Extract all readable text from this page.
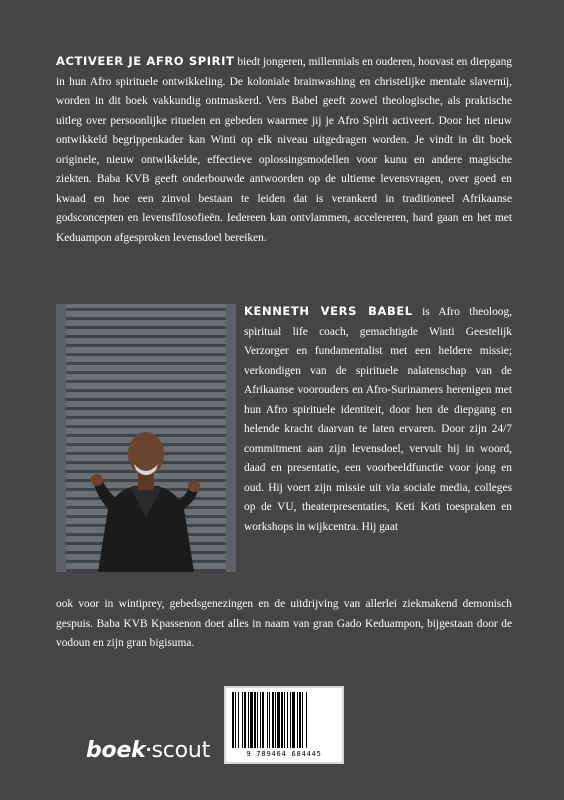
ACTIVEER JE AFRO SPIRIT biedt jongeren, millennials en ouderen, houvast en diepgang in hun Afro spirituele ontwikkeling. De koloniale brainwashing en christelijke mentale slavernij, worden in dit boek vakkundig ontmaskerd. Vers Babel geeft zowel theologische, als praktische uitleg over persoonlijke rituelen en gebeden waarmee jij je Afro Spirit activeert. Door het nieuw ontwikkeld begrippenkader kan Winti op elk niveau uitgedragen worden. Je vindt in dit boek originele, nieuw ontwikkelde, effectieve oplossingsmodellen voor kunu en andere magische ziekten. Baba KVB geeft onderbouwde antwoorden op de ultieme levensvragen, over goed en kwaad en hoe een zinvol bestaan te leiden dat is verankerd in traditioneel Afrikaanse godsconcepten en levensfilosofieën. Iedereen kan ontvlammen, accelereren, hard gaan en het met Keduampon afgesproken levensdoel bereiken.

KENNETH VERS BABEL is Afro theoloog, spiritual life coach, gemachtigde Winti Geestelijk Verzorger en fundamentalist met een heldere missie; verkondigen van de spirituele nalatenschap van de Afrikaanse voorouders en Afro-Surinamers herenigen met hun Afro spirituele identiteit, door hen de diepgang en helende kracht daarvan te laten ervaren. Door zijn 24/7 commitment aan zijn levensdoel, vervult hij in woord, daad en presentatie, een voorbeeldfunctie voor jong en oud. Hij voert zijn missie uit via sociale media, colleges op de VU, theaterpresentaties, Keti Koti toespraken en workshops in wijkcentra. Hij gaat

ook voor in wintiprey, gebedsgenezingen en de uitdrijving van allerlei ziekmakend demonisch gespuis. Baba KVB Kpassenon doet alles in naam van gran Gado Keduampon, bijgestaan door de vodoun en zijn gran bigisuma.

9 789464 684445
boek·scout
